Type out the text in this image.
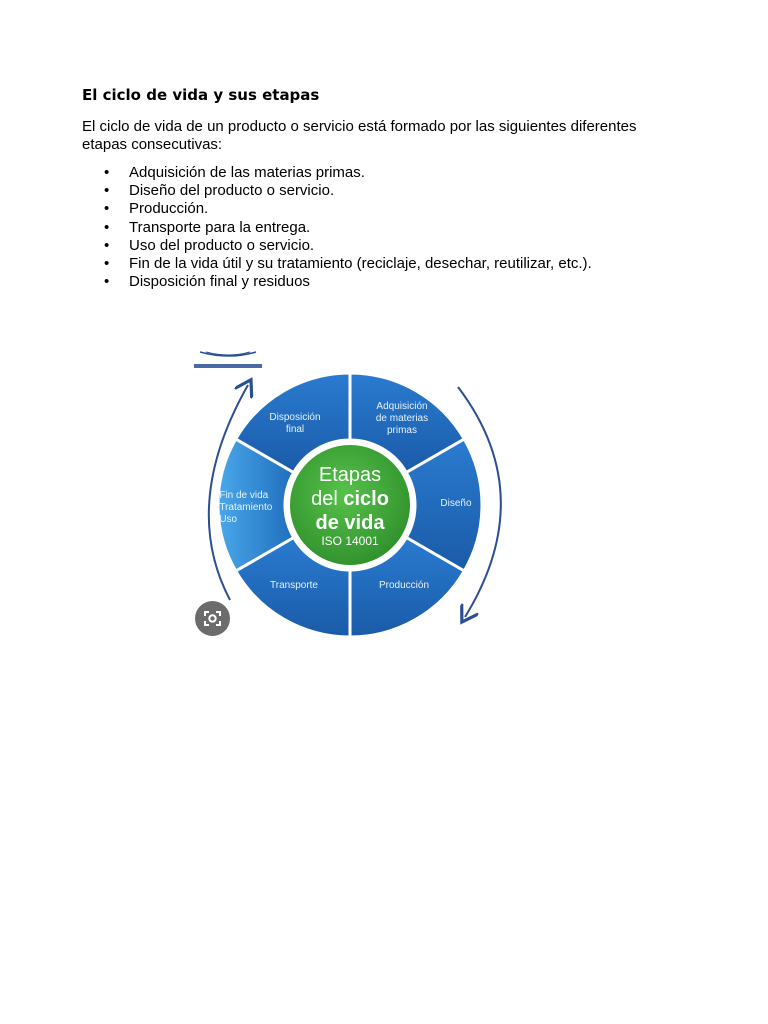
El ciclo de vida y sus etapas
El ciclo de vida de un producto o servicio está formado por las siguientes diferentes etapas consecutivas:
• Adquisición de las materias primas.
• Diseño del producto o servicio.
• Producción.
• Transporte para la entrega.
• Uso del producto o servicio.
• Fin de la vida útil y su tratamiento (reciclaje, desechar, reutilizar, etc.).
• Disposición final y residuos
Etapas
del ciclo
de vida
ISO 14001
Adquisición
de materias
primas
Diseño
Producción
Transporte
-Fin de vida
-Tratamiento
-Uso
Disposición
final
